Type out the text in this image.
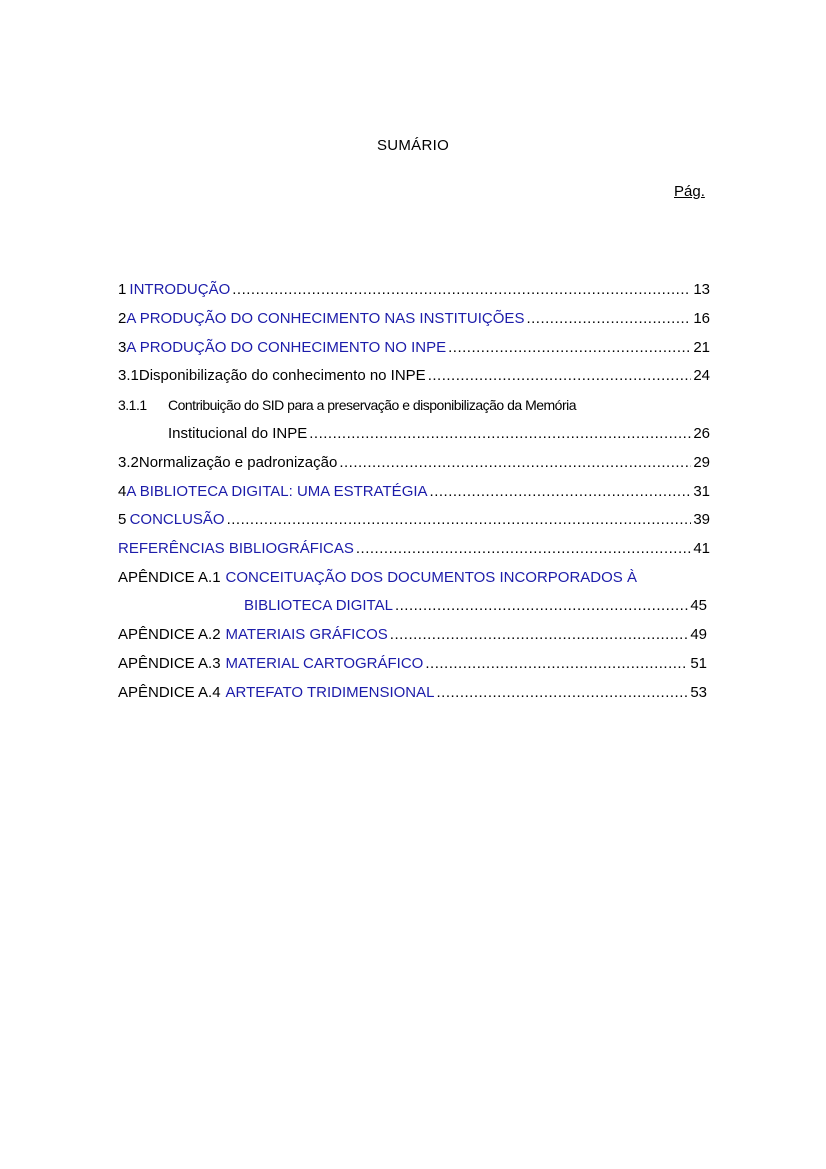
SUMÁRIO
Pág.
1 INTRODUÇÃO .....	13
2 A PRODUÇÃO DO CONHECIMENTO NAS INSTITUIÇÕES .....	16
3 A PRODUÇÃO DO CONHECIMENTO NO INPE .....	21
3.1 Disponibilização do conhecimento no INPE .....	24
3.1.1	Contribuição do SID para a preservação e disponibilização da Memória
Institucional do INPE .....	26
3.2 Normalização e padronização .....	29
4 A BIBLIOTECA DIGITAL: UMA ESTRATÉGIA .....	31
5 CONCLUSÃO .....	39
REFERÊNCIAS BIBLIOGRÁFICAS .....	41
APÊNDICE A.1 CONCEITUAÇÃO DOS DOCUMENTOS INCORPORADOS À
BIBLIOTECA DIGITAL .....	45
APÊNDICE A.2 MATERIAIS GRÁFICOS .....	49
APÊNDICE A.3 MATERIAL CARTOGRÁFICO .....	51
APÊNDICE A.4 ARTEFATO TRIDIMENSIONAL .....	53
